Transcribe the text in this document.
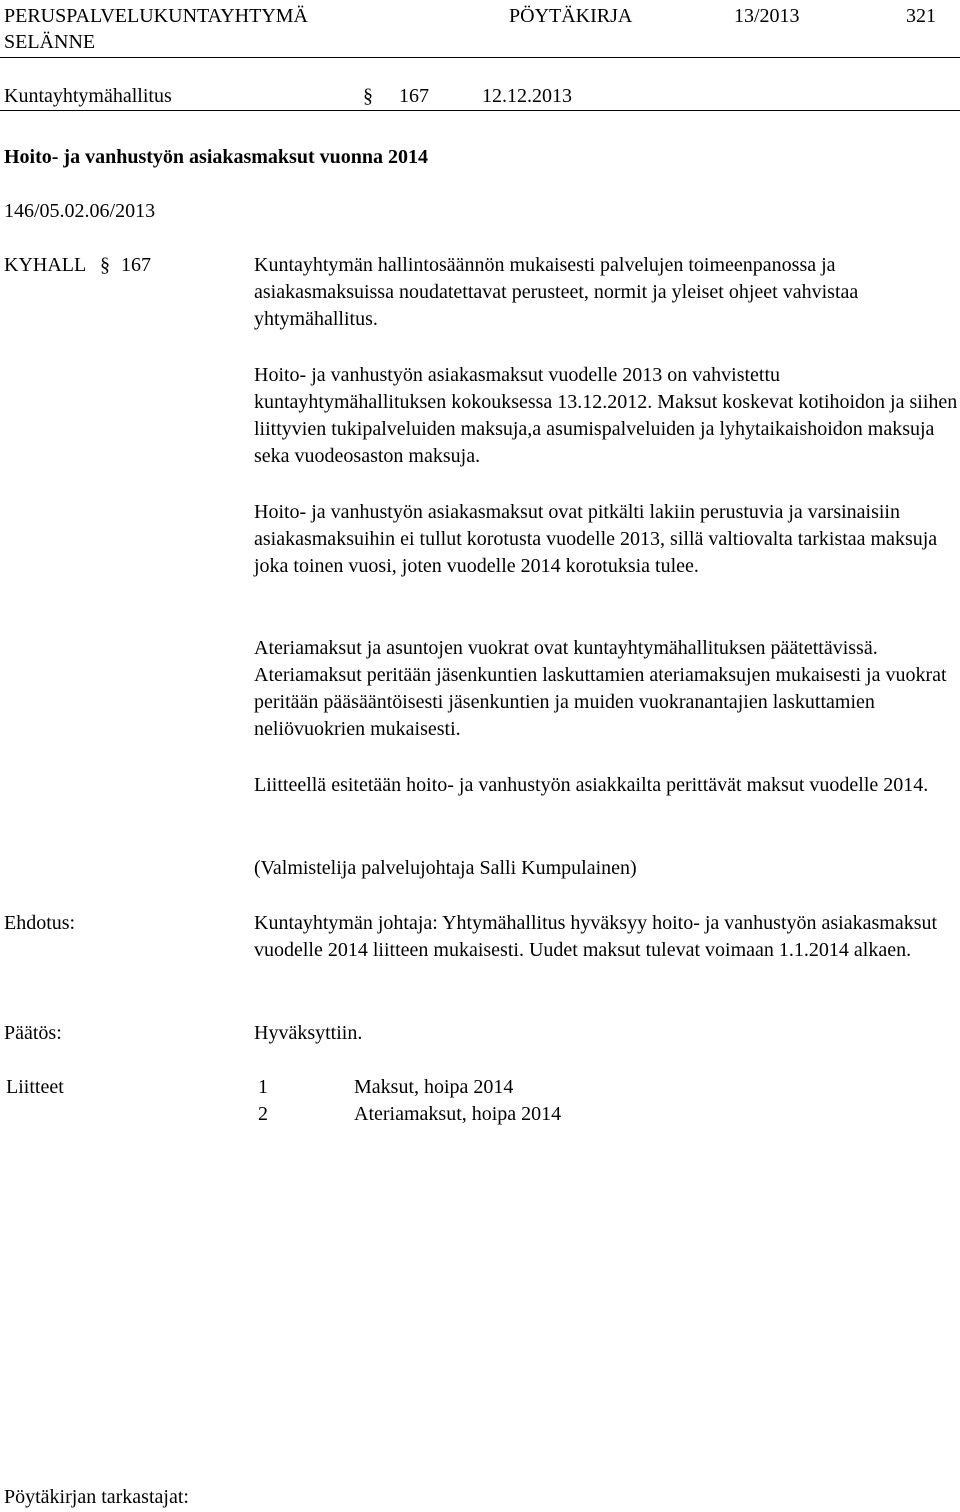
PERUSPALVELUKUNTAYHTYMÄ
SELÄNNE
PÖYTÄKIRJA	13/2013	321
Kuntayhtymähallitus	§ 167	12.12.2013
Hoito- ja vanhustyön asiakasmaksut vuonna 2014
146/05.02.06/2013
KYHALL § 167	Kuntayhtymän hallintosäännön mukaisesti palvelujen toimeenpanossa ja asiakasmaksuissa noudatettavat perusteet, normit ja yleiset ohjeet vahvistaa yhtymähallitus.
Hoito- ja vanhustyön asiakasmaksut vuodelle 2013 on vahvistettu kuntayhtymähallituksen kokouksessa 13.12.2012. Maksut koskevat kotihoidon ja siihen liittyvien tukipalveluiden maksuja,a asumispalveluiden ja lyhytaikaishoidon maksuja seka vuodeosaston maksuja.
Hoito- ja vanhustyön asiakasmaksut ovat pitkälti lakiin perustuvia ja varsinaisiin asiakasmaksuihin ei tullut korotusta vuodelle 2013, sillä valtiovalta tarkistaa maksuja joka toinen vuosi, joten vuodelle 2014 korotuksia tulee.
Ateriamaksut ja asuntojen vuokrat ovat kuntayhtymähallituksen päätettävissä. Ateriamaksut peritään jäsenkuntien laskuttamien ateriamaksujen mukaisesti ja vuokrat peritään pääsääntöisesti jäsenkuntien ja muiden vuokranantajien laskuttamien neliövuokrien mukaisesti.
Liitteellä esitetään hoito- ja vanhustyön asiakkailta perittävät maksut vuodelle 2014.
(Valmistelija palvelujohtaja Salli Kumpulainen)
Ehdotus:	Kuntayhtymän johtaja: Yhtymähallitus hyväksyy hoito- ja vanhustyön asiakasmaksut vuodelle 2014 liitteen mukaisesti. Uudet maksut tulevat voimaan 1.1.2014 alkaen.
Päätös:	Hyväksyttiin.
Liitteet	1	Maksut, hoipa 2014
2	Ateriamaksut, hoipa 2014
Pöytäkirjan tarkastajat:
